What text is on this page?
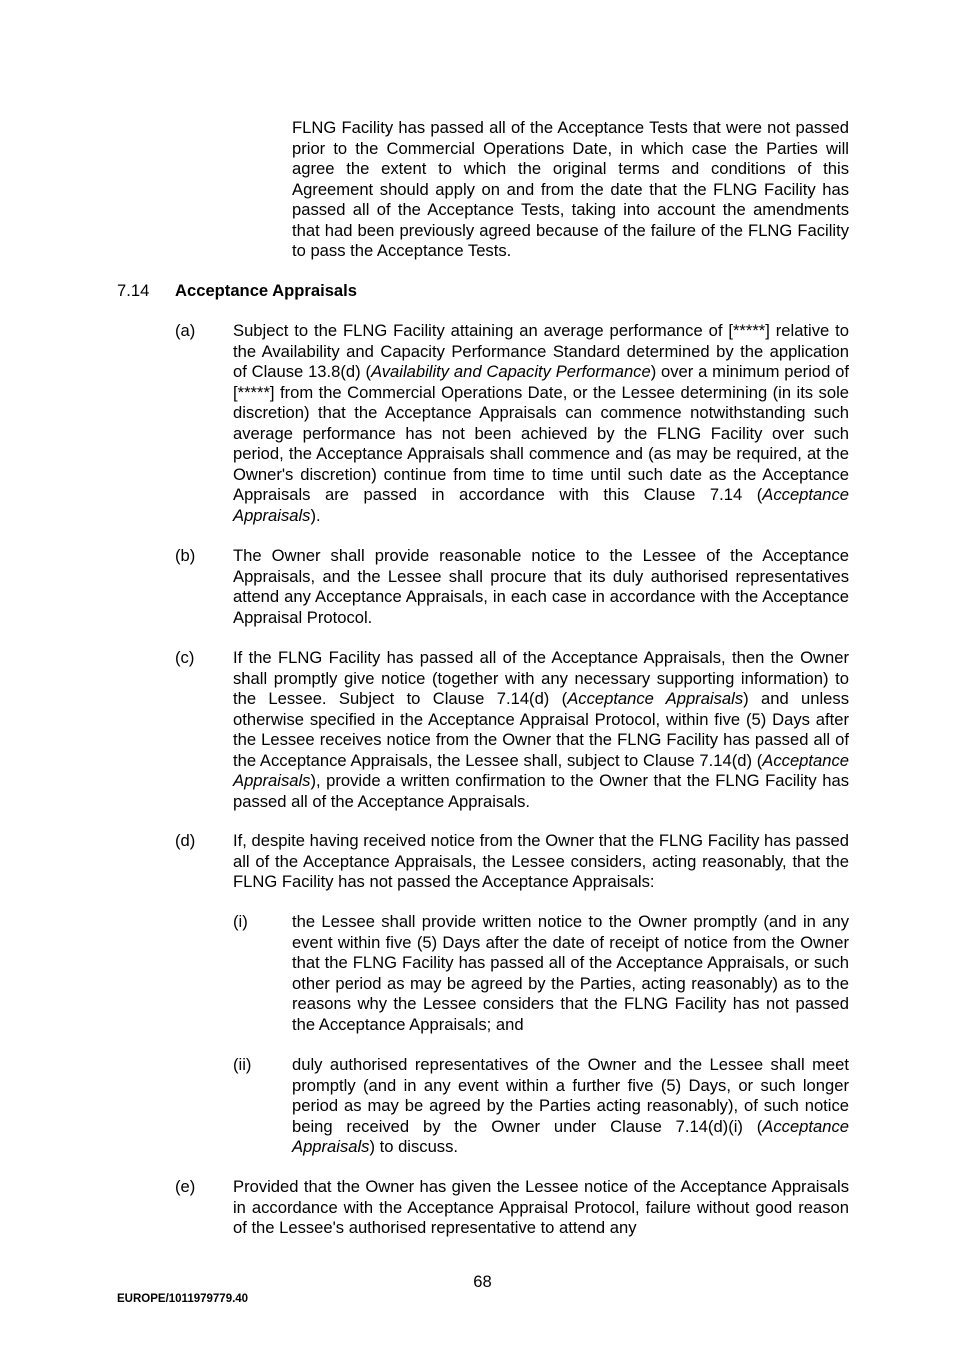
FLNG Facility has passed all of the Acceptance Tests that were not passed prior to the Commercial Operations Date, in which case the Parties will agree the extent to which the original terms and conditions of this Agreement should apply on and from the date that the FLNG Facility has passed all of the Acceptance Tests, taking into account the amendments that had been previously agreed because of the failure of the FLNG Facility to pass the Acceptance Tests.

7.14 Acceptance Appraisals
(a) Subject to the FLNG Facility attaining an average performance of [*****] relative to the Availability and Capacity Performance Standard determined by the application of Clause 13.8(d) (Availability and Capacity Performance) over a minimum period of [*****] from the Commercial Operations Date, or the Lessee determining (in its sole discretion) that the Acceptance Appraisals can commence notwithstanding such average performance has not been achieved by the FLNG Facility over such period, the Acceptance Appraisals shall commence and (as may be required, at the Owner's discretion) continue from time to time until such date as the Acceptance Appraisals are passed in accordance with this Clause 7.14 (Acceptance Appraisals).

(b) The Owner shall provide reasonable notice to the Lessee of the Acceptance Appraisals, and the Lessee shall procure that its duly authorised representatives attend any Acceptance Appraisals, in each case in accordance with the Acceptance Appraisal Protocol.

(c) If the FLNG Facility has passed all of the Acceptance Appraisals, then the Owner shall promptly give notice (together with any necessary supporting information) to the Lessee. Subject to Clause 7.14(d) (Acceptance Appraisals) and unless otherwise specified in the Acceptance Appraisal Protocol, within five (5) Days after the Lessee receives notice from the Owner that the FLNG Facility has passed all of the Acceptance Appraisals, the Lessee shall, subject to Clause 7.14(d) (Acceptance Appraisals), provide a written confirmation to the Owner that the FLNG Facility has passed all of the Acceptance Appraisals.

(d) If, despite having received notice from the Owner that the FLNG Facility has passed all of the Acceptance Appraisals, the Lessee considers, acting reasonably, that the FLNG Facility has not passed the Acceptance Appraisals:

(i)	the Lessee shall provide written notice to the Owner promptly (and in any event within five (5) Days after the date of receipt of notice from the Owner that the FLNG Facility has passed all of the Acceptance Appraisals, or such other period as may be agreed by the Parties, acting reasonably) as to the reasons why the Lessee considers that the FLNG Facility has not passed the Acceptance Appraisals; and

(ii) duly authorised representatives of the Owner and the Lessee shall meet promptly (and in any event within a further five (5) Days, or such longer period as may be agreed by the Parties acting reasonably), of such notice being received by the Owner under Clause 7.14(d)(i) (Acceptance Appraisals) to discuss.

(e) Provided that the Owner has given the Lessee notice of the Acceptance Appraisals in accordance with the Acceptance Appraisal Protocol, failure without good reason of the Lessee's authorised representative to attend any

68
EUROPE/1011979779.40
